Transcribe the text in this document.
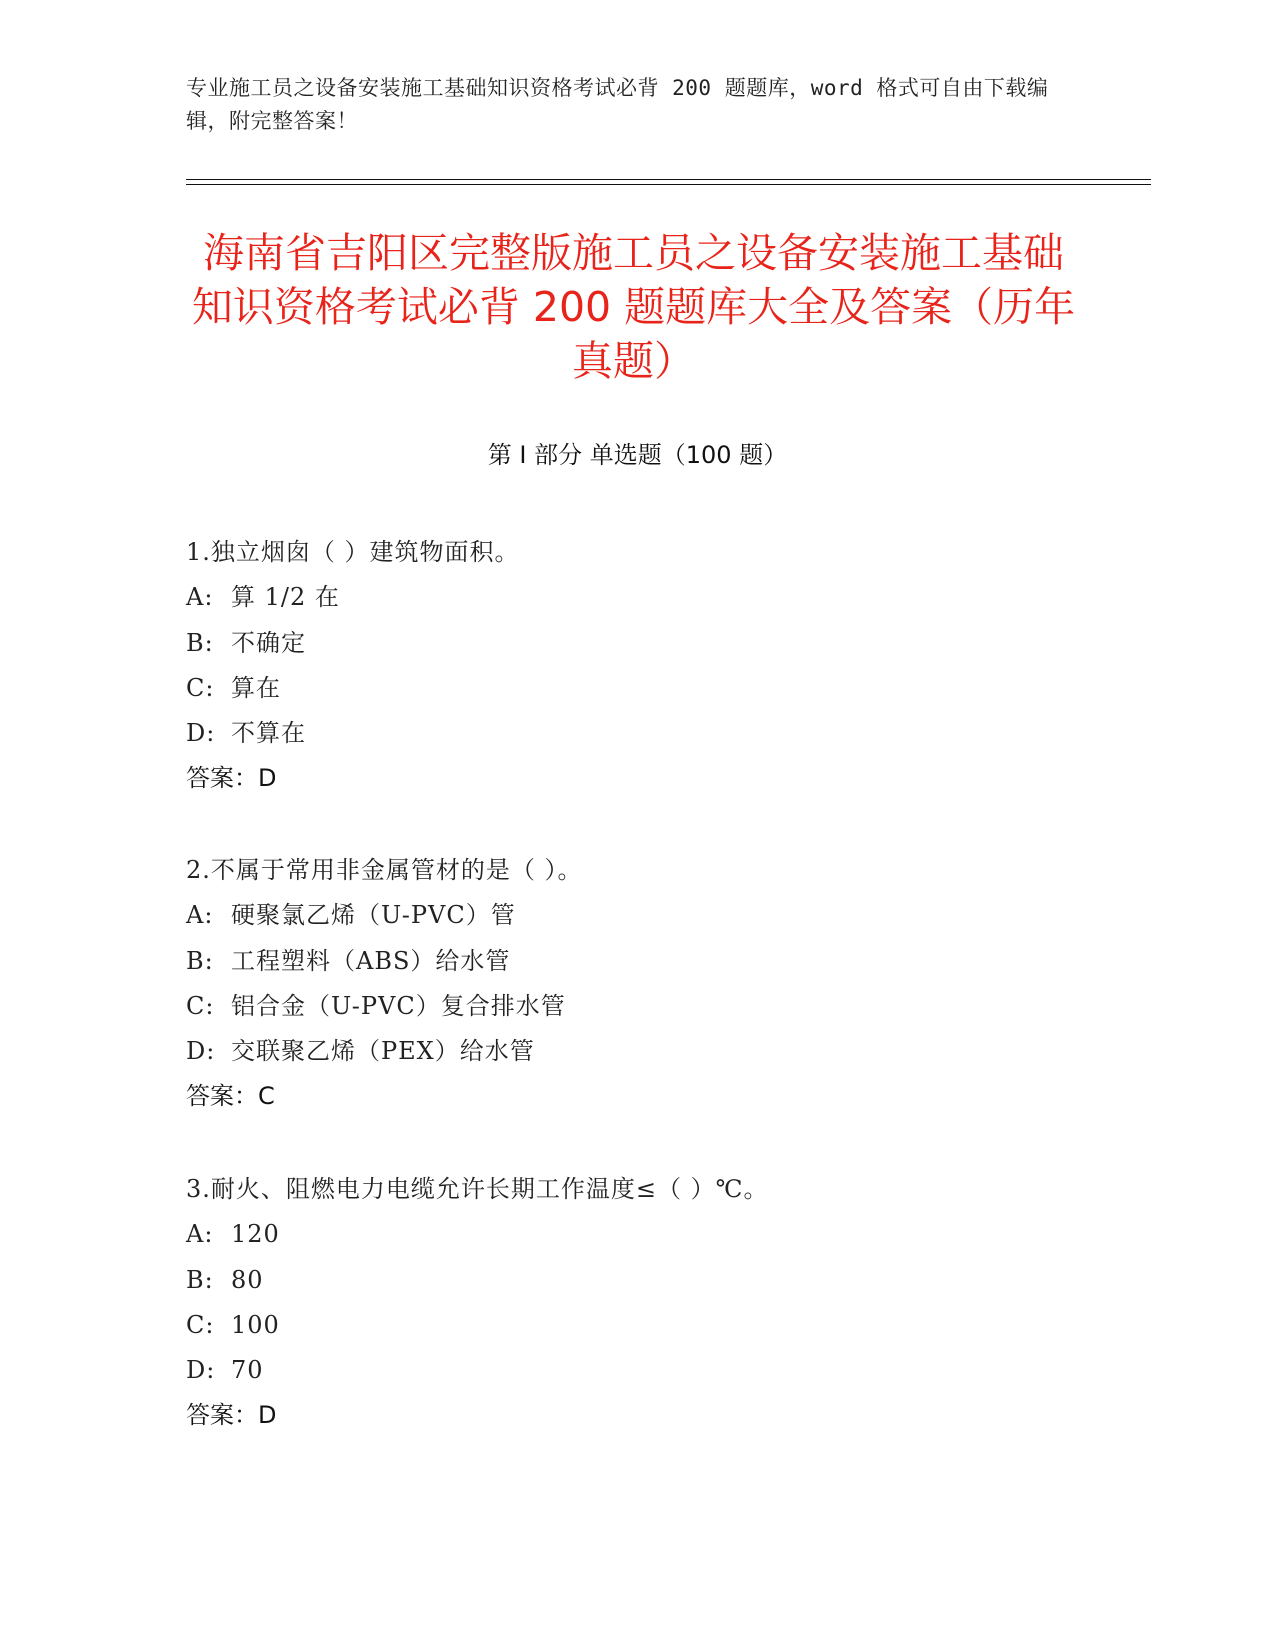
专业施工员之设备安装施工基础知识资格考试必背 200 题题库，word 格式可自由下载编辑，附完整答案！
海南省吉阳区完整版施工员之设备安装施工基础知识资格考试必背 200 题题库大全及答案（历年真题）
第 I 部分 单选题（100 题）
1.独立烟囱（ ）建筑物面积。
A: 算 1/2 在
B: 不确定
C: 算在
D: 不算在
答案：D
2.不属于常用非金属管材的是（ ）。
A: 硬聚氯乙烯（U-PVC）管
B: 工程塑料（ABS）给水管
C: 铝合金（U-PVC）复合排水管
D: 交联聚乙烯（PEX）给水管
答案：C
3.耐火、阻燃电力电缆允许长期工作温度≤（ ）℃。
A: 120
B: 80
C: 100
D: 70
答案：D
